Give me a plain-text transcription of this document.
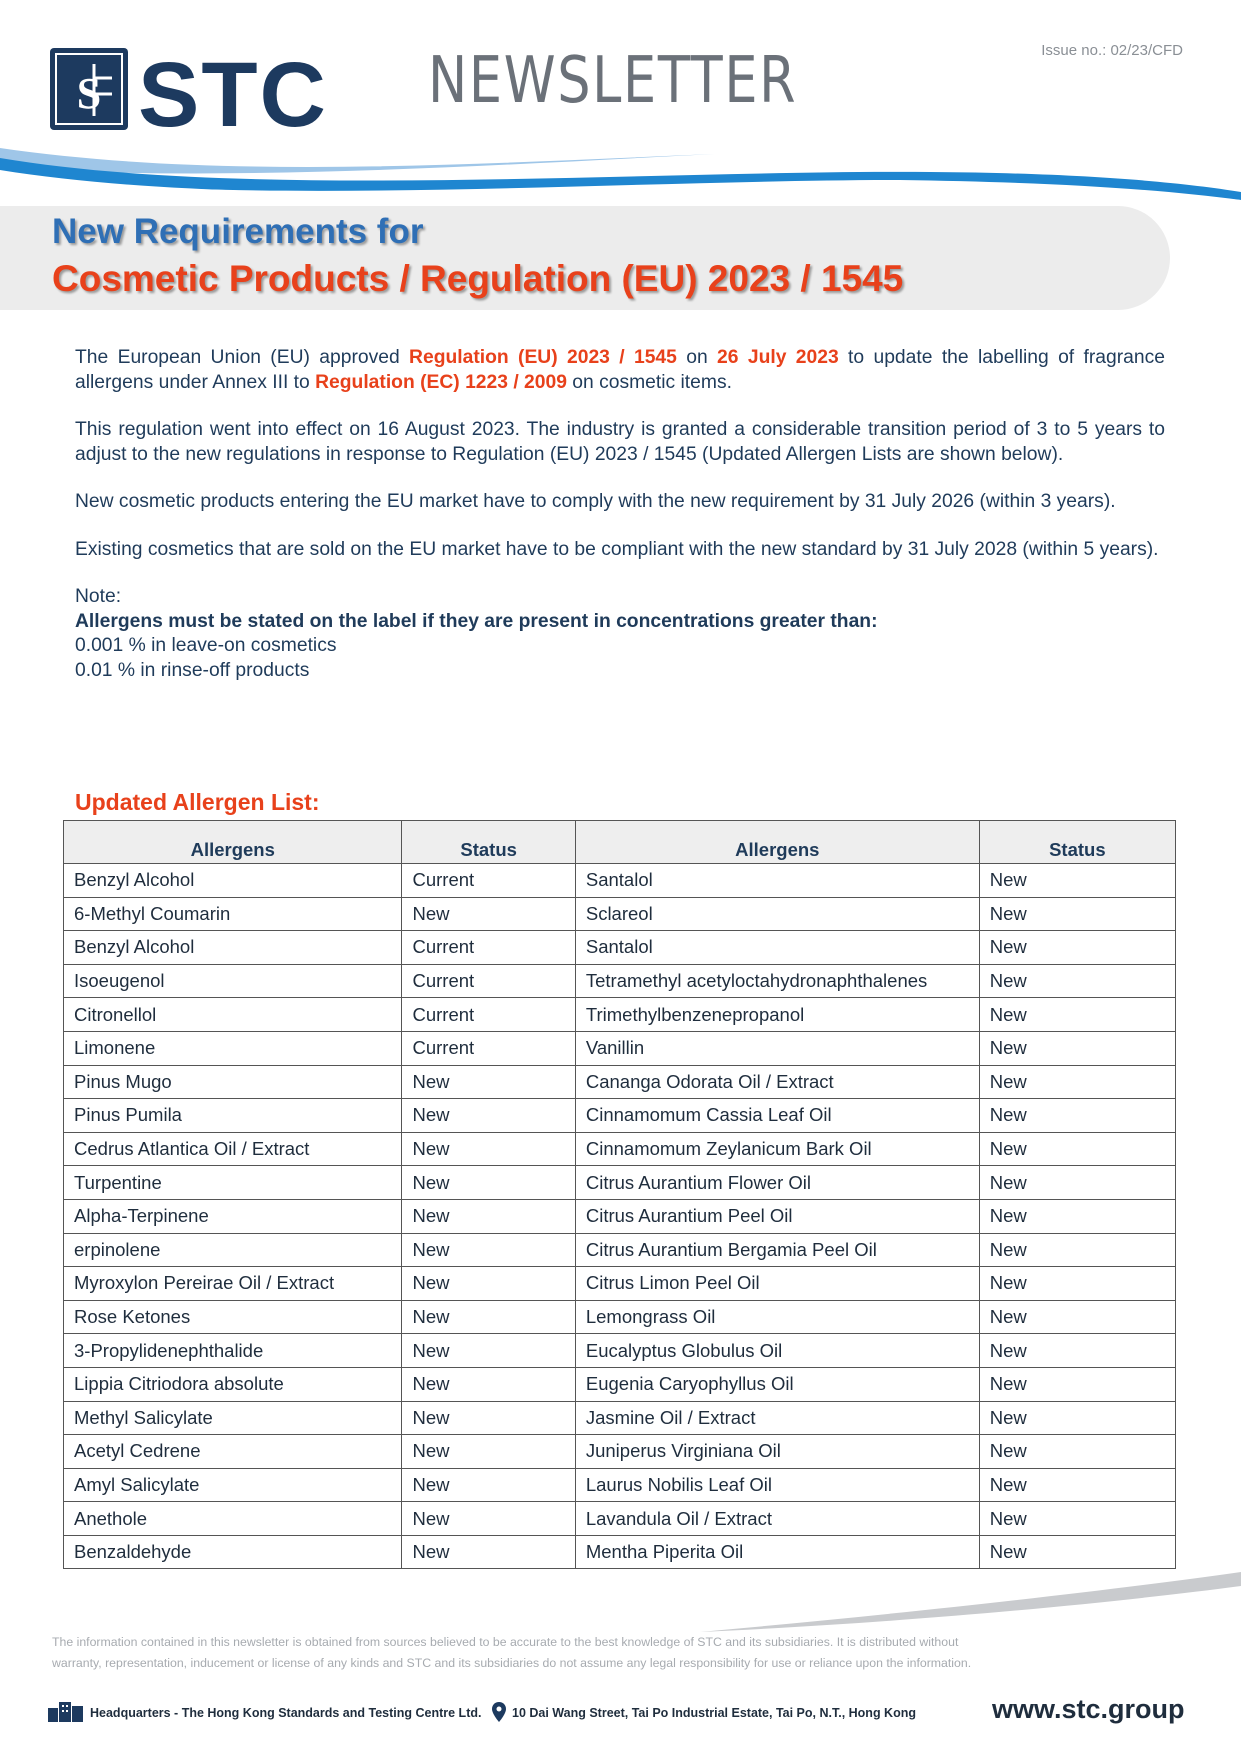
S STC NEWSLETTER	Issue no.: 02/23/CFD
New Requirements for
Cosmetic Products / Regulation (EU) 2023 / 1545

The European Union (EU) approved Regulation (EU) 2023 / 1545 on 26 July 2023 to update the labelling of fragrance allergens under Annex III to Regulation (EC) 1223 / 2009 on cosmetic items.

This regulation went into effect on 16 August 2023. The industry is granted a considerable transition period of 3 to 5 years to adjust to the new regulations in response to Regulation (EU) 2023 / 1545 (Updated Allergen Lists are shown below).

New cosmetic products entering the EU market have to comply with the new requirement by 31 July 2026 (within 3 years).

Existing cosmetics that are sold on the EU market have to be compliant with the new standard by 31 July 2028 (within 5 years).

Note:

Allergens must be stated on the label if they are present in concentrations greater than:

0.001 % in leave-on cosmetics

0.01 % in rinse-off products

Updated Allergen List:
Allergens	Status	Allergens	Status
Benzyl Alcohol	Current	Santalol	New
6-Methyl Coumarin	New	Sclareol	New
Benzyl Alcohol	Current	Santalol	New
Isoeugenol	Current	Tetramethyl acetyloctahydronaphthalenes	New
Citronellol	Current	Trimethylbenzenepropanol	New
Limonene	Current	Vanillin	New
Pinus Mugo	New	Cananga Odorata Oil / Extract	New
Pinus Pumila	New	Cinnamomum Cassia Leaf Oil	New
Cedrus Atlantica Oil / Extract	New	Cinnamomum Zeylanicum Bark Oil	New
Turpentine	New	Citrus Aurantium Flower Oil	New
Alpha-Terpinene	New	Citrus Aurantium Peel Oil	New
erpinolene	New	Citrus Aurantium Bergamia Peel Oil	New
Myroxylon Pereirae Oil / Extract	New	Citrus Limon Peel Oil	New
Rose Ketones	New	Lemongrass Oil	New
3-Propylidenephthalide	New	Eucalyptus Globulus Oil	New
Lippia Citriodora absolute	New	Eugenia Caryophyllus Oil	New
Methyl Salicylate	New	Jasmine Oil / Extract	New
Acetyl Cedrene	New	Juniperus Virginiana Oil	New
Amyl Salicylate	New	Laurus Nobilis Leaf Oil	New
Anethole	New	Lavandula Oil / Extract	New
Benzaldehyde	New	Mentha Piperita Oil	New
The information contained in this newsletter is obtained from sources believed to be accurate to the best knowledge of STC and its subsidiaries. It is distributed without
warranty, representation, inducement or license of any kinds and STC and its subsidiaries do not assume any legal responsibility for use or reliance upon the information.
Headquarters - The Hong Kong Standards and Testing Centre Ltd. 10 Dai Wang Street, Tai Po Industrial Estate, Tai Po, N.T., Hong Kong	www.stc.group
